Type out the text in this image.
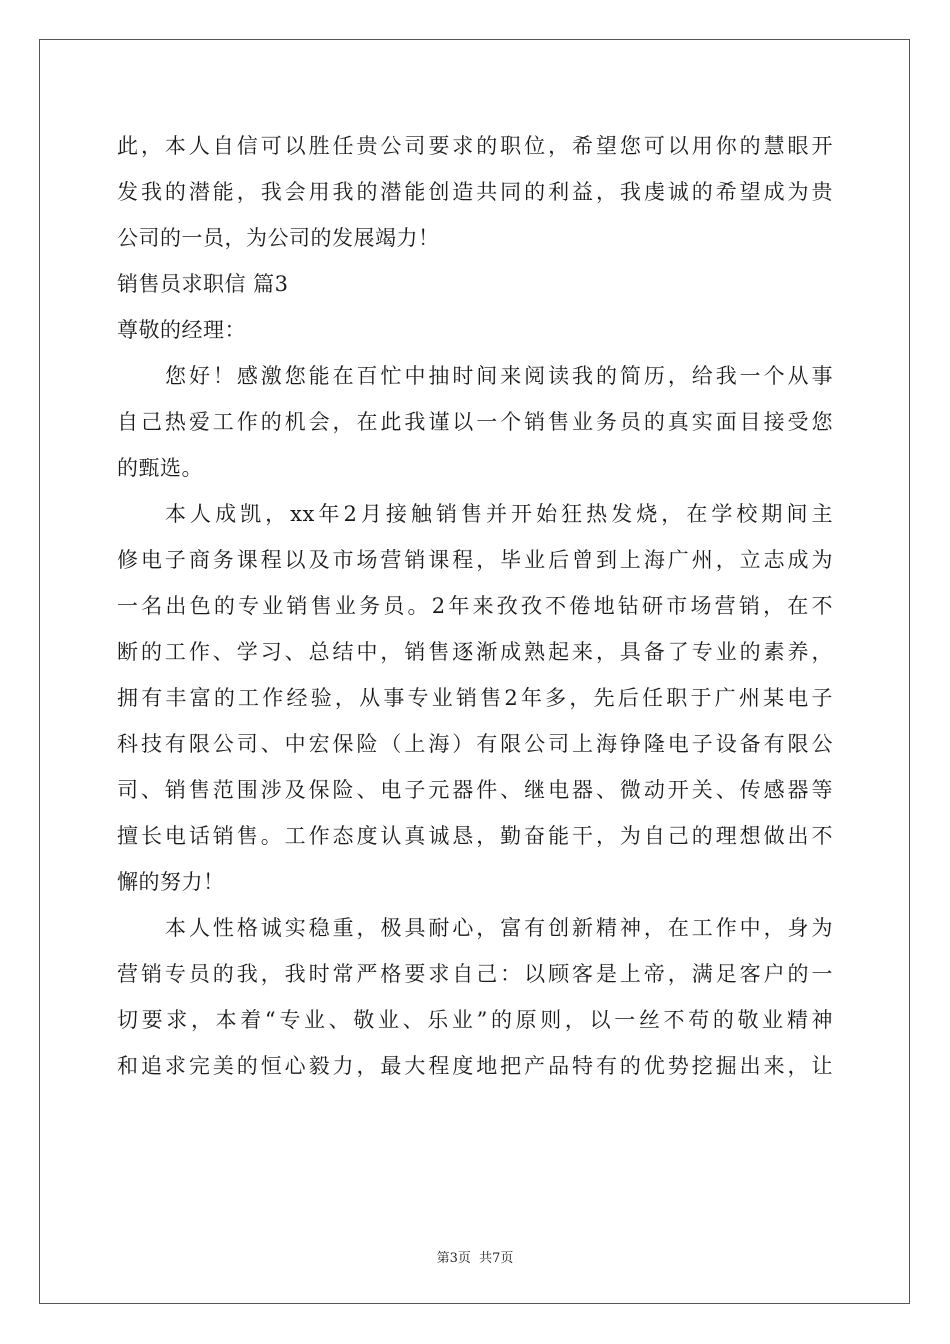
此，本人自信可以胜任贵公司要求的职位，希望您可以用你的慧眼开
发我的潜能，我会用我的潜能创造共同的利益，我虔诚的希望成为贵
公司的一员，为公司的发展竭力！
销售员求职信 篇3
尊敬的经理：
您好！感激您能在百忙中抽时间来阅读我的简历，给我一个从事
自己热爱工作的机会，在此我谨以一个销售业务员的真实面目接受您
的甄选。
本人成凯，xx年2月接触销售并开始狂热发烧，在学校期间主
修电子商务课程以及市场营销课程，毕业后曾到上海广州，立志成为
一名出色的专业销售业务员。2年来孜孜不倦地钻研市场营销，在不
断的工作、学习、总结中，销售逐渐成熟起来，具备了专业的素养，
拥有丰富的工作经验，从事专业销售2年多，先后任职于广州某电子
科技有限公司、中宏保险（上海）有限公司上海铮隆电子设备有限公
司、销售范围涉及保险、电子元器件、继电器、微动开关、传感器等
擅长电话销售。工作态度认真诚恳，勤奋能干，为自己的理想做出不
懈的努力！
本人性格诚实稳重，极具耐心，富有创新精神，在工作中，身为
营销专员的我，我时常严格要求自己：以顾客是上帝，满足客户的一
切要求，本着“专业、敬业、乐业”的原则，以一丝不苟的敬业精神
和追求完美的恒心毅力，最大程度地把产品特有的优势挖掘出来，让
第3页 共7页
